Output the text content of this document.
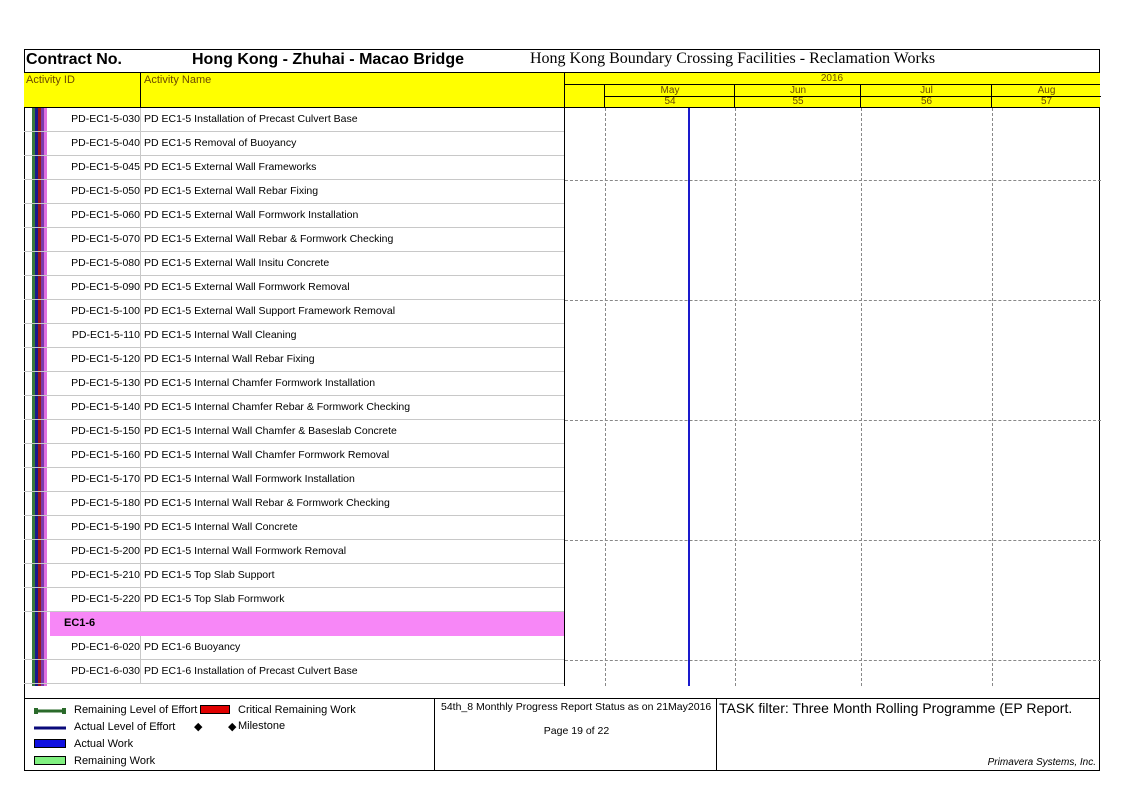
Contract No.	Hong Kong - Zhuhai - Macao Bridge	Hong Kong Boundary Crossing Facilities - Reclamation Works
Activity ID	Activity Name	2016
May	Jun	Jul	Aug
54	55	56	57
PD-EC1-5-030 PD EC1-5 Installation of Precast Culvert Base
PD-EC1-5-040 PD EC1-5 Removal of Buoyancy
PD-EC1-5-045 PD EC1-5 External Wall Frameworks
PD-EC1-5-050 PD EC1-5 External Wall Rebar Fixing
PD-EC1-5-060 PD EC1-5 External Wall Formwork Installation
PD-EC1-5-070 PD EC1-5 External Wall Rebar & Formwork Checking
PD-EC1-5-080 PD EC1-5 External Wall Insitu Concrete
PD-EC1-5-090 PD EC1-5 External Wall Formwork Removal
PD-EC1-5-100 PD EC1-5 External Wall Support Framework Removal
PD-EC1-5-110 PD EC1-5 Internal Wall Cleaning
PD-EC1-5-120 PD EC1-5 Internal Wall Rebar Fixing
PD-EC1-5-130 PD EC1-5 Internal Chamfer Formwork Installation
PD-EC1-5-140 PD EC1-5 Internal Chamfer Rebar & Formwork Checking
PD-EC1-5-150 PD EC1-5 Internal Wall Chamfer & Baseslab Concrete
PD-EC1-5-160 PD EC1-5 Internal Wall Chamfer Formwork Removal
PD-EC1-5-170 PD EC1-5 Internal Wall Formwork Installation
PD-EC1-5-180 PD EC1-5 Internal Wall Rebar & Formwork Checking
PD-EC1-5-190 PD EC1-5 Internal Wall Concrete
PD-EC1-5-200 PD EC1-5 Internal Wall Formwork Removal
PD-EC1-5-210 PD EC1-5 Top Slab Support
PD-EC1-5-220 PD EC1-5 Top Slab Formwork
EC1-6
PD-EC1-6-020 PD EC1-6 Buoyancy
PD-EC1-6-030 PD EC1-6 Installation of Precast Culvert Base
Remaining Level of Effort	Critical Remaining Work
Actual Level of Effort ◆ ◆ Milestone
Actual Work
Remaining Work
54th_8 Monthly Progress Report Status as on 21May2016
Page 19 of 22
TASK filter: Three Month Rolling Programme (EP Report.
Primavera Systems, Inc.
